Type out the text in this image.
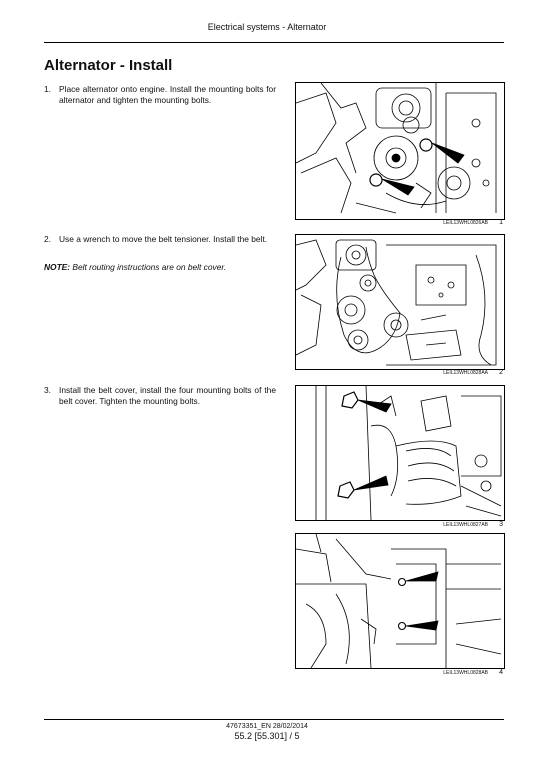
Electrical systems - Alternator
Alternator - Install
1. Place alternator onto engine. Install the mounting bolts for alternator and tighten the mounting bolts.
2. Use a wrench to move the belt tensioner. Install the belt.
NOTE: Belt routing instructions are on belt cover.
3. Install the belt cover, install the four mounting bolts of the belt cover. Tighten the mounting bolts.
LEIL13WHL0826AB 1
LEIL13WHL0828AA 2
LEIL13WHL0827AB 3
LEIL13WHL0828AB 4
47673351_EN 28/02/2014
55.2 [55.301] / 5
